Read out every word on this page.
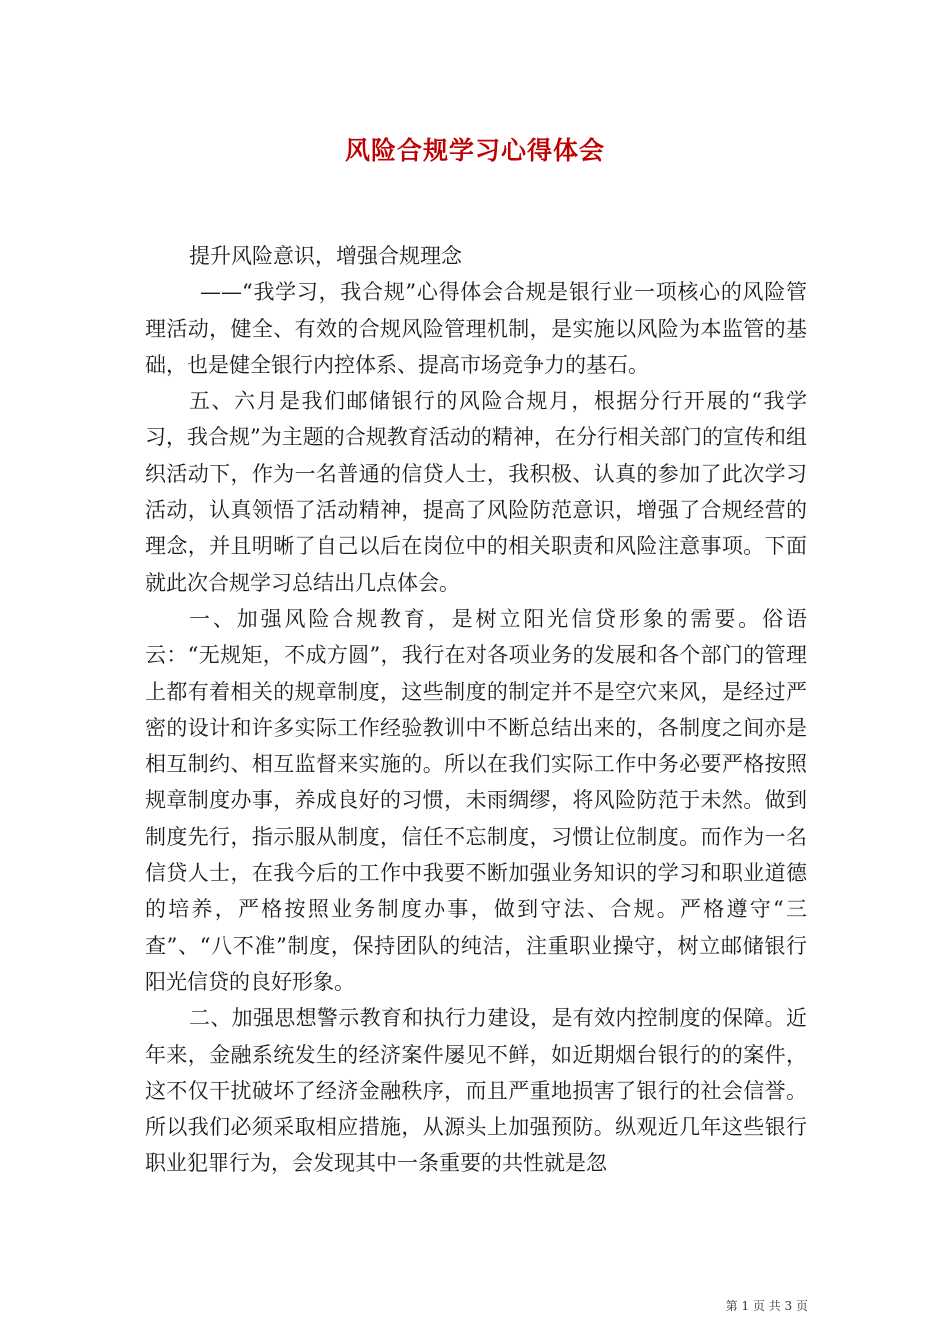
风险合规学习心得体会

提升风险意识，增强合规理念

——“我学习，我合规”心得体会合规是银行业一项核心的风险管理活动，健全、有效的合规风险管理机制，是实施以风险为本监管的基础，也是健全银行内控体系、提高市场竞争力的基石。

五、六月是我们邮储银行的风险合规月，根据分行开展的“我学习，我合规”为主题的合规教育活动的精神，在分行相关部门的宣传和组织活动下，作为一名普通的信贷人士，我积极、认真的参加了此次学习活动，认真领悟了活动精神，提高了风险防范意识，增强了合规经营的理念，并且明晰了自己以后在岗位中的相关职责和风险注意事项。下面就此次合规学习总结出几点体会。

一、加强风险合规教育，是树立阳光信贷形象的需要。俗语云：“无规矩，不成方圆”，我行在对各项业务的发展和各个部门的管理上都有着相关的规章制度，这些制度的制定并不是空穴来风，是经过严密的设计和许多实际工作经验教训中不断总结出来的，各制度之间亦是相互制约、相互监督来实施的。所以在我们实际工作中务必要严格按照规章制度办事，养成良好的习惯，未雨绸缪，将风险防范于未然。做到制度先行，指示服从制度，信任不忘制度，习惯让位制度。而作为一名信贷人士，在我今后的工作中我要不断加强业务知识的学习和职业道德的培养，严格按照业务制度办事，做到守法、合规。严格遵守“三查”、“八不准”制度，保持团队的纯洁，注重职业操守，树立邮储银行阳光信贷的良好形象。

二、加强思想警示教育和执行力建设，是有效内控制度的保障。近年来，金融系统发生的经济案件屡见不鲜，如近期烟台银行的的案件，这不仅干扰破坏了经济金融秩序，而且严重地损害了银行的社会信誉。所以我们必须采取相应措施，从源头上加强预防。纵观近几年这些银行职业犯罪行为，会发现其中一条重要的共性就是忽

第 1 页 共 3 页
